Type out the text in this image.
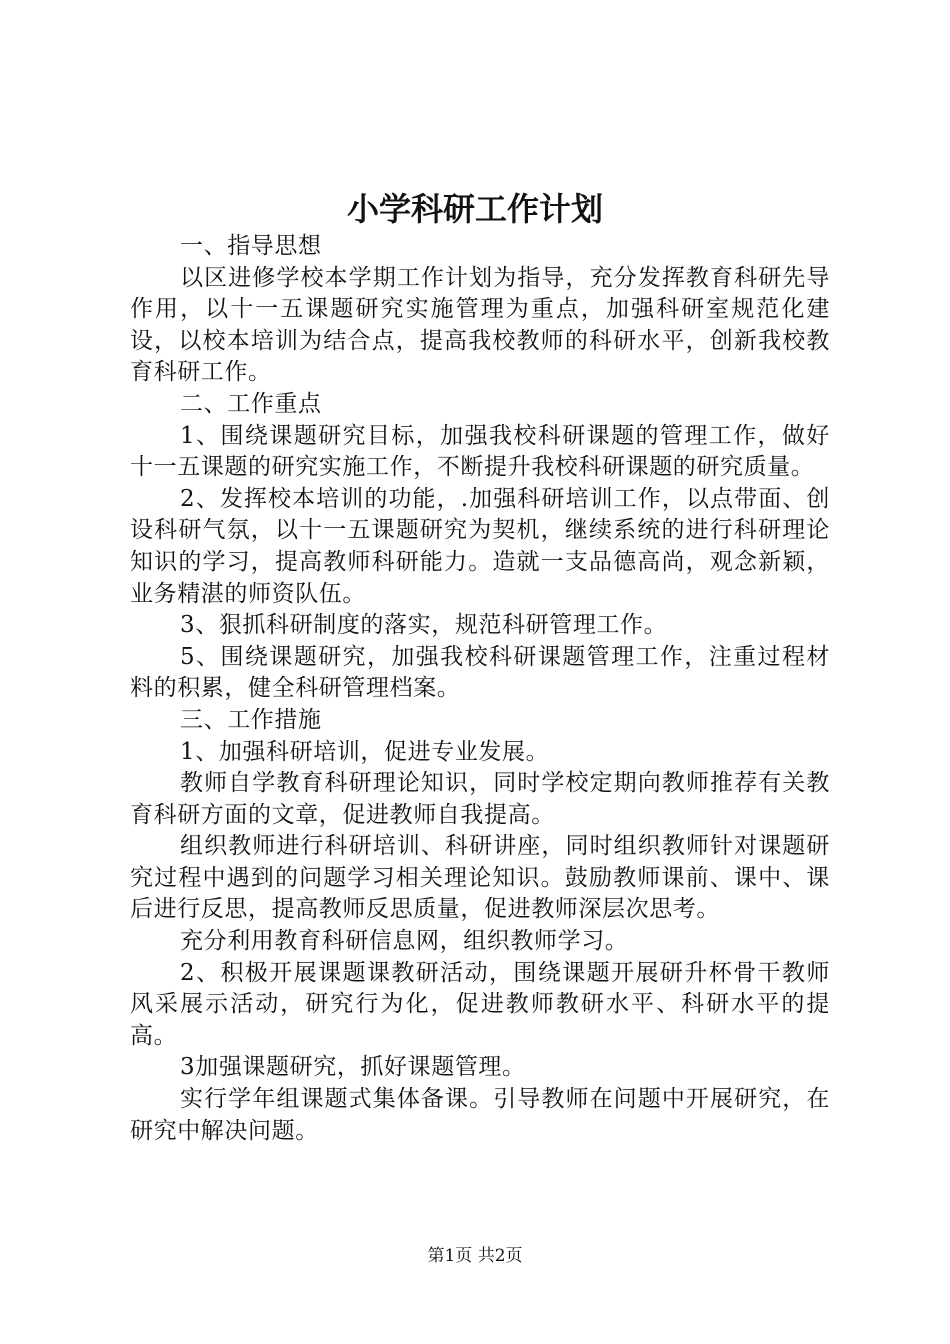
小学科研工作计划

一、指导思想

以区进修学校本学期工作计划为指导，充分发挥教育科研先导作用，以十一五课题研究实施管理为重点，加强科研室规范化建设，以校本培训为结合点，提高我校教师的科研水平，创新我校教育科研工作。

二、工作重点

1、围绕课题研究目标，加强我校科研课题的管理工作，做好十一五课题的研究实施工作，不断提升我校科研课题的研究质量。

2、发挥校本培训的功能，.加强科研培训工作，以点带面、创设科研气氛，以十一五课题研究为契机，继续系统的进行科研理论知识的学习，提高教师科研能力。造就一支品德高尚，观念新颖，业务精湛的师资队伍。

3、狠抓科研制度的落实，规范科研管理工作。

5、围绕课题研究，加强我校科研课题管理工作，注重过程材料的积累，健全科研管理档案。

三、工作措施

1、加强科研培训，促进专业发展。

教师自学教育科研理论知识，同时学校定期向教师推荐有关教育科研方面的文章，促进教师自我提高。

组织教师进行科研培训、科研讲座，同时组织教师针对课题研究过程中遇到的问题学习相关理论知识。鼓励教师课前、课中、课后进行反思，提高教师反思质量，促进教师深层次思考。

充分利用教育科研信息网，组织教师学习。

2、积极开展课题课教研活动，围绕课题开展研升杯骨干教师风采展示活动，研究行为化，促进教师教研水平、科研水平的提高。

3加强课题研究，抓好课题管理。

实行学年组课题式集体备课。引导教师在问题中开展研究，在研究中解决问题。

第1页 共2页
